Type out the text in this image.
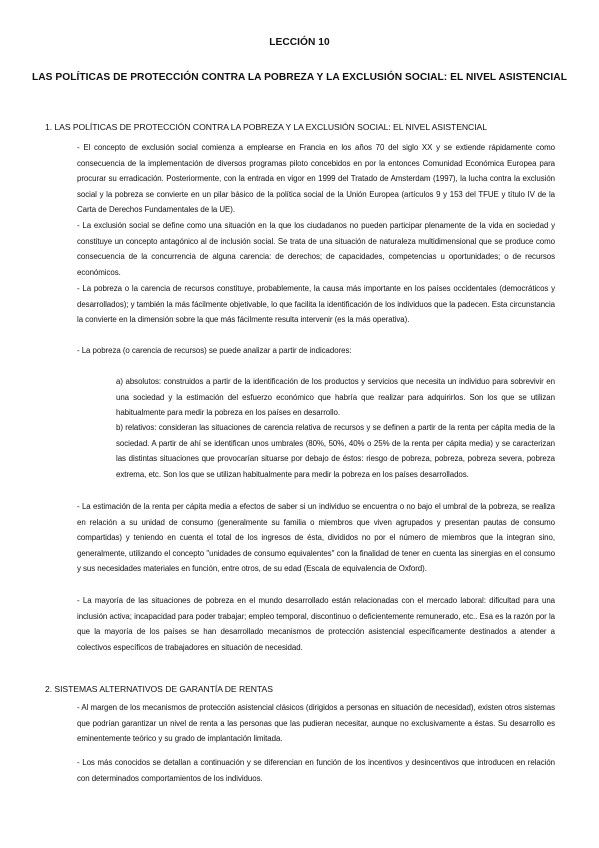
LECCIÓN 10
LAS POLÍTICAS DE PROTECCIÓN CONTRA LA POBREZA Y LA EXCLUSIÓN SOCIAL: EL NIVEL ASISTENCIAL
1. LAS POLÍTICAS DE PROTECCIÓN CONTRA LA POBREZA Y LA EXCLUSIÓN SOCIAL: EL NIVEL ASISTENCIAL

- El concepto de exclusión social comienza a emplearse en Francia en los años 70 del siglo XX y se extiende rápidamente como consecuencia de la implementación de diversos programas piloto concebidos en por la entonces Comunidad Económica Europea para procurar su erradicación. Posteriormente, con la entrada en vigor en 1999 del Tratado de Amsterdam (1997), la lucha contra la exclusión social y la pobreza se convierte en un pilar básico de la política social de la Unión Europea (artículos 9 y 153 del TFUE y título IV de la Carta de Derechos Fundamentales de la UE).

- La exclusión social se define como una situación en la que los ciudadanos no pueden participar plenamente de la vida en sociedad y constituye un concepto antagónico al de inclusión social. Se trata de una situación de naturaleza multidimensional que se produce como consecuencia de la concurrencia de alguna carencia: de derechos; de capacidades, competencias u oportunidades; o de recursos económicos.

- La pobreza o la carencia de recursos constituye, probablemente, la causa más importante en los países occidentales (democráticos y desarrollados); y también la más fácilmente objetivable, lo que facilita la identificación de los individuos que la padecen. Esta circunstancia la convierte en la dimensión sobre la que más fácilmente resulta intervenir (es la más operativa).

- La pobreza (o carencia de recursos) se puede analizar a partir de indicadores:

a) absolutos: construidos a partir de la identificación de los productos y servicios que necesita un individuo para sobrevivir en una sociedad y la estimación del esfuerzo económico que habría que realizar para adquirirlos. Son los que se utilizan habitualmente para medir la pobreza en los países en desarrollo.

b) relativos: consideran las situaciones de carencia relativa de recursos y se definen a partir de la renta per cápita media de la sociedad. A partir de ahí se identifican unos umbrales (80%, 50%, 40% o 25% de la renta per cápita media) y se caracterizan las distintas situaciones que provocarían situarse por debajo de éstos: riesgo de pobreza, pobreza, pobreza severa, pobreza extrema, etc. Son los que se utilizan habitualmente para medir la pobreza en los países desarrollados.

- La estimación de la renta per cápita media a efectos de saber si un individuo se encuentra o no bajo el umbral de la pobreza, se realiza en relación a su unidad de consumo (generalmente su familia o miembros que viven agrupados y presentan pautas de consumo compartidas) y teniendo en cuenta el total de los ingresos de ésta, divididos no por el número de miembros que la integran sino, generalmente, utilizando el concepto "unidades de consumo equivalentes" con la finalidad de tener en cuenta las sinergias en el consumo y sus necesidades materiales en función, entre otros, de su edad (Escala de equivalencia de Oxford).

- La mayoría de las situaciones de pobreza en el mundo desarrollado están relacionadas con el mercado laboral: dificultad para una inclusión activa; incapacidad para poder trabajar; empleo temporal, discontinuo o deficientemente remunerado, etc.. Esa es la razón por la que la mayoría de los países se han desarrollado mecanismos de protección asistencial específicamente destinados a atender a colectivos específicos de trabajadores en situación de necesidad.

2. SISTEMAS ALTERNATIVOS DE GARANTÍA DE RENTAS

- Al margen de los mecanismos de protección asistencial clásicos (dirigidos a personas en situación de necesidad), existen otros sistemas que podrían garantizar un nivel de renta a las personas que las pudieran necesitar, aunque no exclusivamente a éstas. Su desarrollo es eminentemente teórico y su grado de implantación limitada.

- Los más conocidos se detallan a continuación y se diferencian en función de los incentivos y desincentivos que introducen en relación con determinados comportamientos de los individuos.
